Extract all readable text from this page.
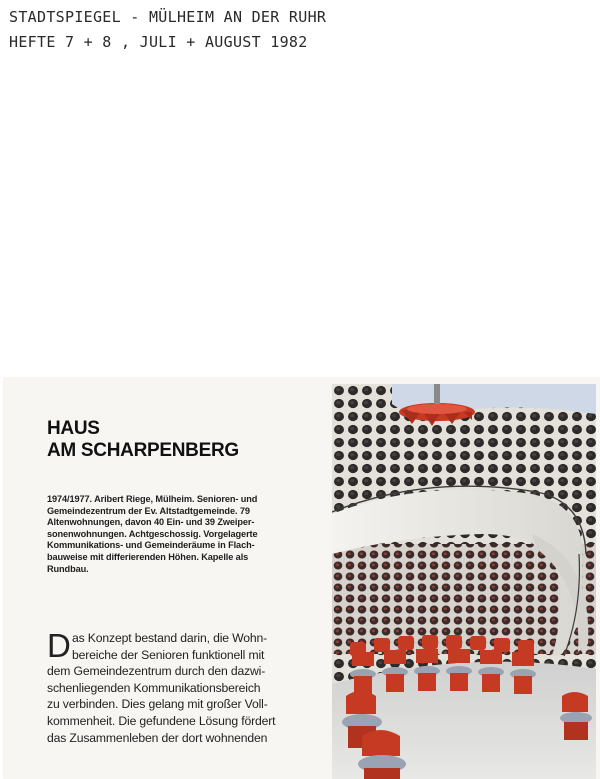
STADTSPIEGEL - MÜLHEIM AN DER RUHR
HEFTE 7 + 8 , JULI + AUGUST 1982
HAUS
AM SCHARPENBERG
1974/1977. Aribert Riege, Mülheim. Senioren- und
Gemeindezentrum der Ev. Altstadtgemeinde. 79
Altenwohnungen, davon 40 Ein- und 39 Zweiper-
sonenwohnungen. Achtgeschossig. Vorgelagerte
Kommunikations- und Gemeinderäume in Flach-
bauweise mit differierenden Höhen. Kapelle als
Rundbau.
D as Konzept bestand darin, die Wohn-
bereiche der Senioren funktionell mit
dem Gemeindezentrum durch den dazwi-
schenliegenden Kommunikationsbereich
zu verbinden. Dies gelang mit großer Voll-
kommenheit. Die gefundene Lösung fördert
das Zusammenleben der dort wohnenden
